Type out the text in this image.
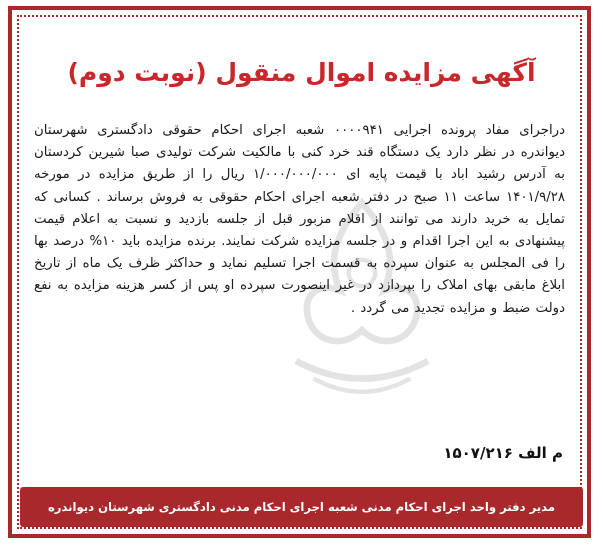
آگهی مزایده اموال منقول (نوبت دوم)
دراجرای مفاد پرونده اجرایی ۰۰۰۰۹۴۱ شعبه اجرای احکام حقوقی دادگستری شهرستان دیواندره در نظر دارد یک دستگاه قند خرد کنی با مالکیت شرکت تولیدی صبا شیرین کردستان به آدرس رشید اباد با قیمت پایه ای ۱/۰۰۰/۰۰۰/۰۰۰ ریال را از طریق مزایده در مورخه ۱۴۰۱/۹/۲۸ ساعت ۱۱ صبح در دفتر شعبه اجرای احکام حقوقی به فروش برساند . کسانی که تمایل به خرید دارند می توانند از اقلام مزبور قبل از جلسه بازدید و نسبت به اعلام قیمت پیشنهادی به این اجرا اقدام و در جلسه مزایده شرکت نمایند. برنده مزایده باید ۱۰% درصد بها را فی المجلس به عنوان سپرده به قسمت اجرا تسلیم نماید و حداکثر ظرف یک ماه از تاریخ ابلاغ مابقی بهای املاک را بپردازد در غیر اینصورت سپرده او پس از کسر هزینه مزایده به نفع دولت ضبط و مزایده تجدید می گردد .
م الف ۱۵۰۷/۲۱۶
مدیر دفتر واحد اجرای احکام مدنی شعبه اجرای احکام مدنی دادگستری شهرستان دیواندره
